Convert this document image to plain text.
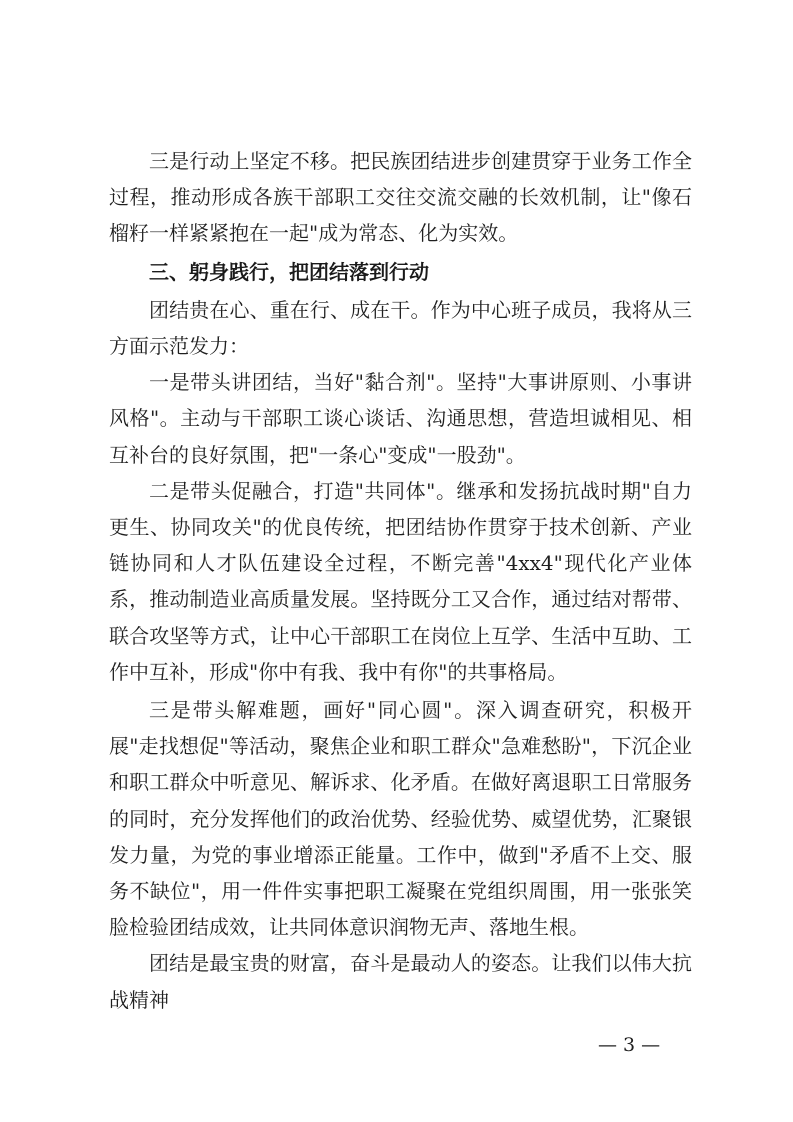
三是行动上坚定不移。把民族团结进步创建贯穿于业务工作全过程，推动形成各族干部职工交往交流交融的长效机制，让"像石榴籽一样紧紧抱在一起"成为常态、化为实效。

三、躬身践行，把团结落到行动

团结贵在心、重在行、成在干。作为中心班子成员，我将从三方面示范发力：

一是带头讲团结，当好"黏合剂"。坚持"大事讲原则、小事讲风格"。主动与干部职工谈心谈话、沟通思想，营造坦诚相见、相互补台的良好氛围，把"一条心"变成"一股劲"。

二是带头促融合，打造"共同体"。继承和发扬抗战时期"自力更生、协同攻关"的优良传统，把团结协作贯穿于技术创新、产业链协同和人才队伍建设全过程，不断完善"4xx4"现代化产业体系，推动制造业高质量发展。坚持既分工又合作，通过结对帮带、联合攻坚等方式，让中心干部职工在岗位上互学、生活中互助、工作中互补，形成"你中有我、我中有你"的共事格局。

三是带头解难题，画好"同心圆"。深入调查研究，积极开展"走找想促"等活动，聚焦企业和职工群众"急难愁盼"，下沉企业和职工群众中听意见、解诉求、化矛盾。在做好离退职工日常服务的同时，充分发挥他们的政治优势、经验优势、威望优势，汇聚银发力量，为党的事业增添正能量。工作中，做到"矛盾不上交、服务不缺位"，用一件件实事把职工凝聚在党组织周围，用一张张笑脸检验团结成效，让共同体意识润物无声、落地生根。

团结是最宝贵的财富，奋斗是最动人的姿态。让我们以伟大抗战精神

— 3 —
